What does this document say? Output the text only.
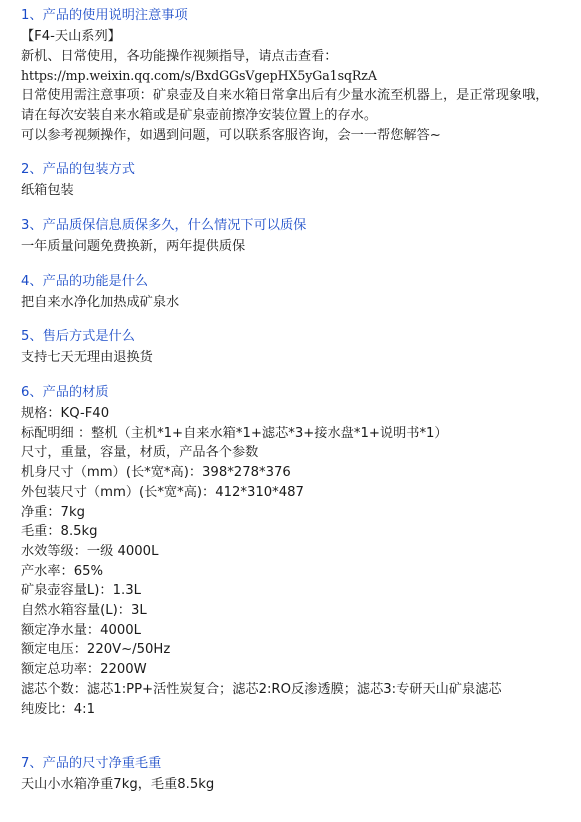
1、产品的使用说明注意事项
【F4-天山系列】
新机、日常使用，各功能操作视频指导，请点击查看：
https://mp.weixin.qq.com/s/BxdGGsVgepHX5yGa1sqRzA
日常使用需注意事项：矿泉壶及自来水箱日常拿出后有少量水流至机器上，是正常现象哦，请在每次安装自来水箱或是矿泉壶前擦净安装位置上的存水。
可以参考视频操作，如遇到问题，可以联系客服咨询，会一一帮您解答~
2、产品的包装方式
纸箱包装
3、产品质保信息质保多久，什么情况下可以质保
一年质量问题免费换新，两年提供质保
4、产品的功能是什么
把自来水净化加热成矿泉水
5、售后方式是什么
支持七天无理由退换货
6、产品的材质
规格：KQ-F40
标配明细 ：整机（主机*1+自来水箱*1+滤芯*3+接水盘*1+说明书*1）
尺寸，重量，容量，材质，产品各个参数
机身尺寸（mm）(长*宽*高)：398*278*376
外包装尺寸（mm）(长*宽*高)：412*310*487
净重：7kg
毛重：8.5kg
水效等级：一级 4000L
产水率：65%
矿泉壶容量L)：1.3L
自然水箱容量(L)：3L
额定净水量：4000L
额定电压：220V~/50Hz
额定总功率：2200W
滤芯个数：滤芯1:PP+活性炭复合；滤芯2:RO反渗透膜；滤芯3:专研天山矿泉滤芯
纯废比：4:1
7、产品的尺寸净重毛重
天山小水箱净重7kg，毛重8.5kg
